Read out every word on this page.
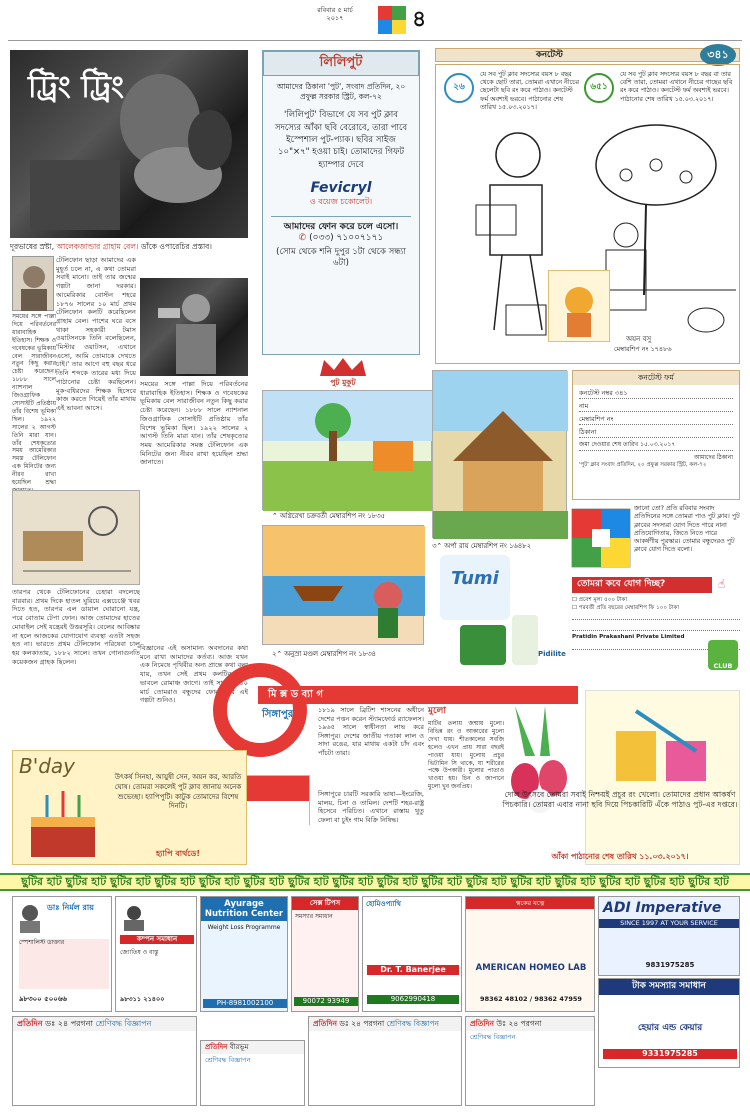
রবিবার ৫ মার্চ
২০১৭	৪
ট্রিং ট্রিং
দূরভাষের স্রষ্টা, আলেকজান্ডার গ্রাহাম বেল। ডাঁকে ওপারেচির প্রস্তাব।
টেলিফোন ছাড়া আমাদের এক মুহূর্ত চলে না, এ কথা তোমরা সবাই মানো। তাই তার জন্মের গল্পটা জানা দরকার। আমেরিকার বোস্টন শহরে ১৮৭৬ সালের ১০ মার্চ প্রথম টেলিফোন কলটি করেছিলেন গ্রাহাম বেল। পাশের ঘরে বসে থাকা সহকারী টমাস ওয়াটসনকে তিনি বলেছিলেন, 'মিস্টার ওয়াটসন, এখানে এসো, আমি তোমাকে দেখতে চাই।' তার আগে বহু বছর ধরে তিনি শব্দকে তারের মধ্য দিয়ে পাঠানোর চেষ্টা করছিলেন। মূক-বধিরদের শিক্ষক হিসেবে কাজ করতে গিয়েই তাঁর মাথায় এই ভাবনা আসে।
সময়ের সঙ্গে পাল্লা দিয়ে পরিবর্তনের ধারাবাহিক ইতিহাস। শিক্ষক ও গবেষকের ভূমিকায় বেল সারাজীবন নতুন কিছু করার চেষ্টা করেছেন। ১৮৮৮ সালে ন্যাশনাল জিওগ্রাফিক সোসাইটি প্রতিষ্ঠায় তাঁর বিশেষ ভূমিকা ছিল। ১৯২২ সালের ২ আগস্ট তিনি মারা যান। তাঁর শেষকৃত্যের সময় আমেরিকার সমস্ত টেলিফোন এক মিনিটের জন্য নীরব রাখা হয়েছিল শ্রদ্ধা
সময়ের সঙ্গে পাল্লা দিয়ে পরিবর্তনের ধারাবাহিক ইতিহাস। শিক্ষক ও গবেষকের ভূমিকায় বেল সারাজীবন নতুন কিছু করার চেষ্টা করেছেন। ১৮৮৮ সালে ন্যাশনাল জিওগ্রাফিক সোসাইটি প্রতিষ্ঠায় তাঁর বিশেষ ভূমিকা ছিল। ১৯২২ সালের ২ আগস্ট তিনি মারা যান। তাঁর শেষকৃত্যের সময় আমেরিকার সমস্ত টেলিফোন এক মিনিটের জন্য নীরব রাখা হয়েছিল শ্রদ্ধা জানাতে।
তারপর থেকে টেলিফোনের চেহারা বদলেছে বারবার। প্রথম দিকে হাতল ঘুরিয়ে এক্সচেঞ্জে খবর দিতে হত, তারপর এল ডায়াল ঘোরানো যন্ত্র, পরে বোতাম টেপা ফোন। আজ তোমাদের হাতের মোবাইল সেই যন্ত্রেরই উত্তরসূরি। বেলের আবিষ্কার না হলে আজকের যোগাযোগ ব্যবস্থা এতটা সহজ হত না। ভারতে প্রথম টেলিফোন পরিষেবা চালু হয় কলকাতায়, ১৮৮২ সালে। তখন গোনাগুনতি কয়েকজন গ্রাহক ছিলেন।
বিজ্ঞানের এই অসামান্য অবদানের কথা মনে রাখা আমাদের কর্তব্য। আজ যখন এক নিমেষে পৃথিবীর অন্য প্রান্তে কথা বলা যায়, তখন সেই প্রথম কলটির কথা ভাবলে রোমাঞ্চ জাগে। তাই সামনের ১০ মার্চ তোমরাও বন্ধুদের ফোন করে এই গল্পটা শুনিও।
লিলিপুট
আমাদের ঠিকানা 'পুট', সংবাদ প্রতিদিন, ২০ প্রফুল্ল সরকার স্ট্রিট, কল-৭২
'লিলিপুট' বিভাগে যে সব পুট ক্লাব সদস্যের আঁকা ছবি বেরোবে, তারা পাবে ইস্পেশাল পুট-প্যাক। ছবির সাইজ ১০"×৭" হওয়া চাই। তোমাদের গিফট হ্যাম্পার দেবে
Fevicryl
ও বয়েজ চকোলেট।
আমাদের ফোন করে চলে এসো।
✆ (০৩৩) ৭১০০৭১৭১
(সোম থেকে শনি দুপুর ১টা থেকে সন্ধ্যা ৬টা)
পুট মুকুট
কনটেস্ট	৩৪১
২৬
যে সব পুট ক্লাব সদস্যের বয়স ৮ বছর থেকে ছোট তারা, তোমরা এখানে নীচের ছেলেটা ছবি রং করে পাঠাও। কনটেস্ট ফর্ম অবশ্যই ভরবে। পাঠানোর শেষ তারিখ ১৫.০৩.২০১৭।
৬৫১
যে সব পুট ক্লাব সদস্যের বয়স ৮ বছর বা তার বেশি তারা, তোমরা এখানে নীচের গাছের ছবি রং করে পাঠাও। কনটেস্ট ফর্ম অবশ্যই ভরবে। পাঠানোর শেষ তারিখ ১৫.০৩.২০১৭।
অয়ন বসু
মেম্বারশিপ নং ১৭৪৮৬
কনটেস্ট ফর্ম
কনটেস্ট নম্বর ৩৪১
নাম
মেম্বারশিপ নং
ঠিকানা
জমা দেওয়ার শেষ তারিখ ১৫.০৩.২০১৭
আমাদের ঠিকানা
'পুট' ক্লাব সংবাদ প্রতিদিন, ২০ প্রফুল্ল সরকার স্ট্রিট, কল-৭২
⌃ অগ্নিরেখা চক্রবর্তী মেম্বারশিপ নং ১৮৩৫
৩⌃ অর্পা রায় মেম্বারশিপ নং ১৬৪৮২
২⌃ অনুস্রা মণ্ডল মেম্বারশিপ নং ১৮৩৪
Tumi
Pidilite
জানো তো? প্রতি রবিবার সংবাদ প্রতিদিনের সঙ্গে তোমরা পাও পুট ক্লাব। পুট ক্লাবের সদস্যরা যোগ দিতে পারে নানা প্রতিযোগিতায়, জিতে নিতে পারে আকর্ষণীয় পুরস্কার। তোমার বন্ধুদেরও পুট ক্লাবে যোগ দিতে বলো।
তোমরা কবে যোগ দিচ্ছ?	☝
☐ প্রবেশ মূল্য ৫০০ টাকা
☐ পরবর্তী প্রতি বছরের মেম্বারশিপ ফি ১০০ টাকা
Pratidin Prakashani Private Limited
CLUB
মি ক্স ড ব্যা গ
সিঙ্গাপুর	১৮১৯ সালে ব্রিটিশ শাসনের অধীনে দেশের পত্তন করেন স্ট্যামফোর্ড র‍্যাফেলস। ১৯৬৫ সালে স্বাধীনতা লাভ করে সিঙ্গাপুর। দেশের জাতীয় পতাকা লাল ও সাদা রঙের, যার মাথায় একটা চাঁদ এবং পাঁচটা তারা।
সিঙ্গাপুরে চারটি সরকারি ভাষা—ইংরেজি, মালয়, চিনা ও তামিল। দেশটি শহর-রাষ্ট্র হিসেবে পরিচিত। এখানে রাস্তায় থুতু ফেলা বা চুইং গাম বিক্রি নিষিদ্ধ।
মুলো
মাটির তলায় জন্মায় মুলো। বিভিন্ন রং ও আকারের মুলো দেখা যায়। শীতকালের সবজি হলেও এখন প্রায় সারা বছরই পাওয়া যায়। মুলোয় প্রচুর ভিটামিন সি থাকে, যা শরীরের পক্ষে উপকারী। মুলোর পাতাও খাওয়া হয়। চিন ও জাপানে মুলো খুব জনপ্রিয়।
B'day	উৎকর্ষ সিনহা, আয়ুষী সেন, অয়ন কর, আরতি ঘোষ। তোমরা সকলেই পুট ক্লাব জানায় অনেক শুভেচ্ছা। হ্যাপিপুটি। কাটুক তোমাদের বিশেষ দিনটি।
হ্যাপি বার্থডে!
দোল উৎসবে তোমরা সবাই নিশ্চয়ই প্রচুর রং খেলো। তোমাদের প্রধান আকর্ষণ পিচকারি। তোমরা এবার নানা ছবি দিয়ে পিচকারিটি এঁকে পাঠাও পুট-এর দপ্তরে।
আঁকা পাঠানোর শেষ তারিখ ১১.০৩.২০১৭।
ছুটির হাট ছুটির হাট ছুটির হাট ছুটির হাট ছুটির হাট ছুটির হাট ছুটির হাট ছুটির হাট ছুটির হাট ছুটির হাট ছুটির হাট ছুটির হাট ছুটির হাট ছুটির হাট ছুটির হাট ছুটির হাট
ডাঃ নির্মল রায়
স্পেশালিস্ট ডাক্তার
৯৮৩০০ ৫০০৬৬
কম্পন সমাধান
জ্যোতিষ ও বাস্তু
৯৮৩১১ ২১৪০০
Ayurage Nutrition Center
Weight Loss Programme
PH-8981002100
সেক্স টিপস
সমস্যার সমাধান
90072 93949
হোমিওপ্যাথি
Dr. T. Banerjee
9062990418
ত্বকের যত্নে
AMERICAN HOMEO LAB
98362 48102 / 98362 47959
ADI Imperative
SINCE 1997 AT YOUR SERVICE
9831975285
টাক সমস্যার সমাধান
হেয়ার এন্ড কেয়ার
9331975285
প্রতিদিন ডঃ ২৪ পরগনা শ্রেণিবদ্ধ বিজ্ঞাপন
প্রতিদিন বীরভূম
শ্রেণিবদ্ধ বিজ্ঞাপন
প্রতিদিন ডঃ ২৪ পরগনা শ্রেণিবদ্ধ বিজ্ঞাপন	প্রতিদিন উঃ ২৪ পরগনা
শ্রেণিবদ্ধ বিজ্ঞাপন
